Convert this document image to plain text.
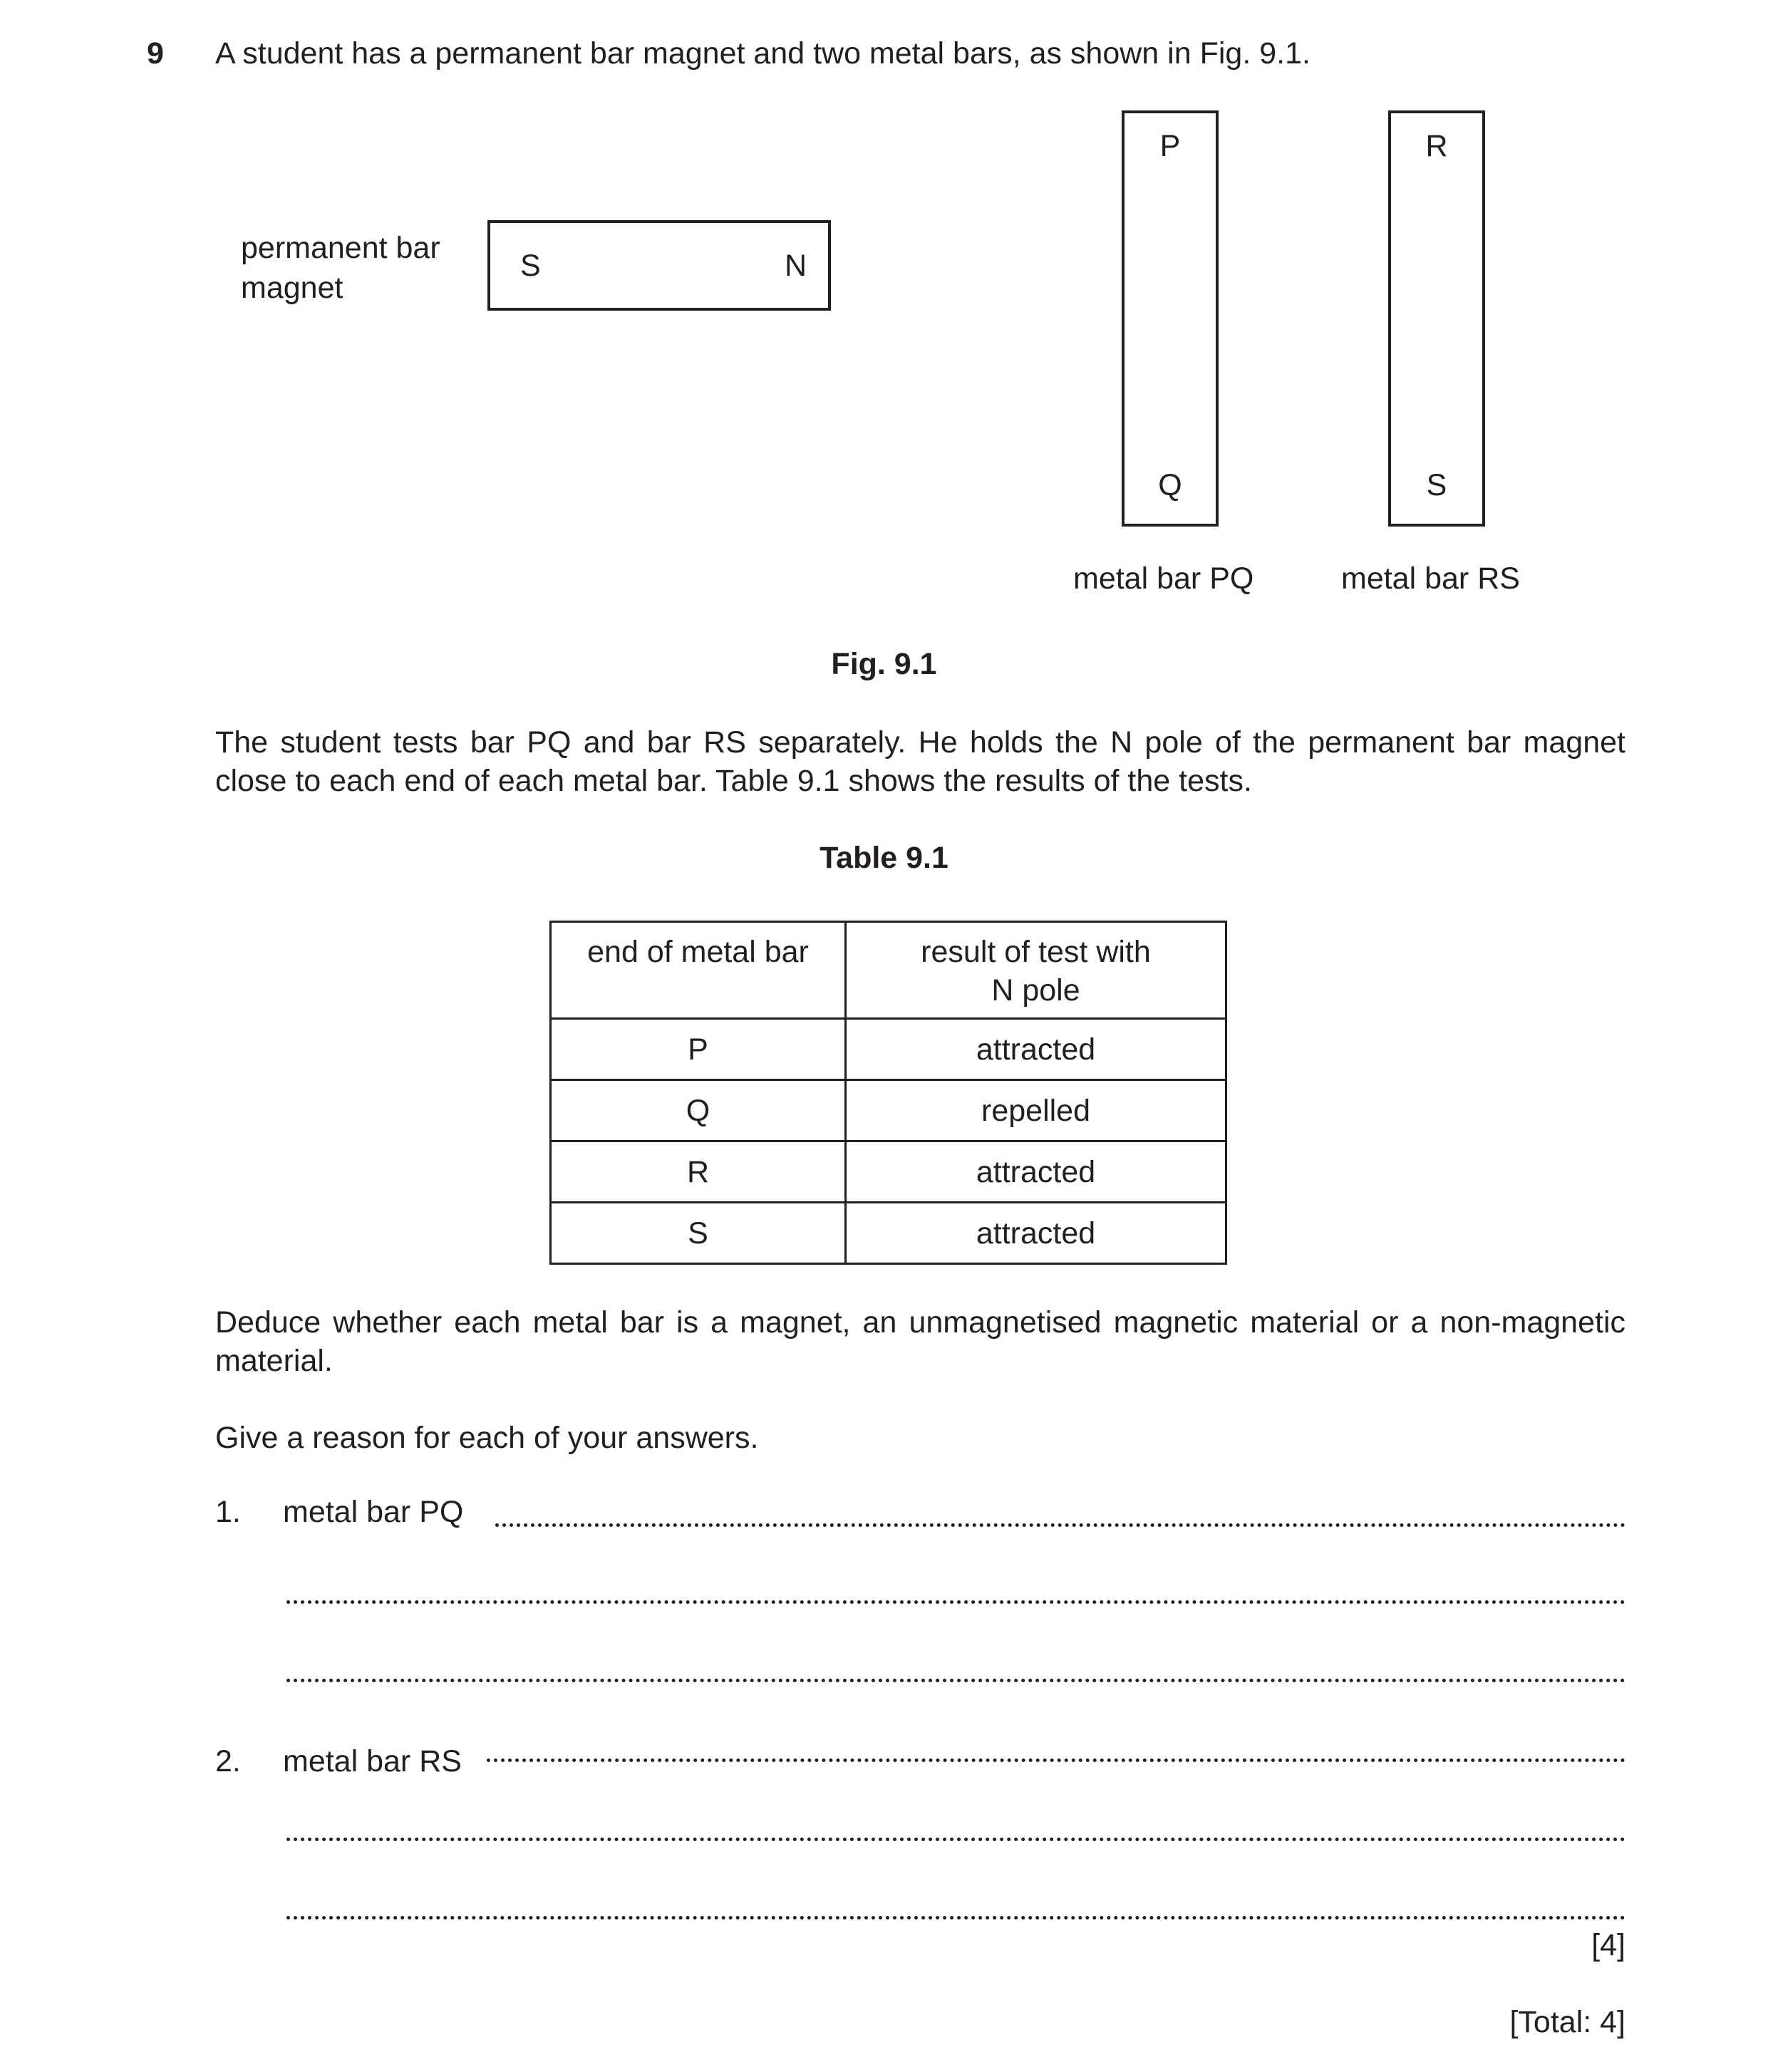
9 A student has a permanent bar magnet and two metal bars, as shown in Fig. 9.1.
permanent bar
magnet
S	N
P
Q
metal bar PQ
R
S
metal bar RS
Fig. 9.1
The student tests bar PQ and bar RS separately. He holds the N pole of the permanent bar magnet close to each end of each metal bar. Table 9.1 shows the results of the tests.
Table 9.1
end of metal bar	result of test with
N pole

P	attracted
Q	repelled
R	attracted
S	attracted
Deduce whether each metal bar is a magnet, an unmagnetised magnetic material or a non-magnetic material.
Give a reason for each of your answers.
1. metal bar PQ
2. metal bar RS
[4]
[Total: 4]
